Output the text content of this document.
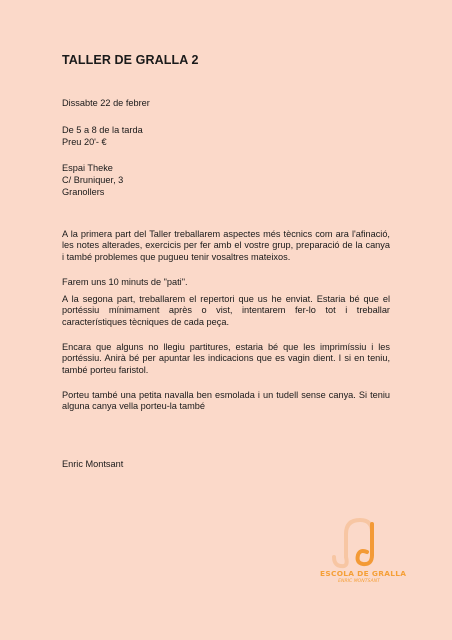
TALLER DE GRALLA 2
Dissabte 22 de febrer
De 5 a 8 de la tarda
Preu 20'- €
Espai Theke
C/ Bruniquer, 3
Granollers
A la primera part del Taller treballarem aspectes més tècnics com ara l'afinació, les notes alterades, exercicis per fer amb el vostre grup, preparació de la canya i també problemes que pugueu tenir vosaltres mateixos.
Farem uns 10 minuts de "pati".
A la segona part, treballarem el repertori que us he enviat. Estaria bé que el portéssiu mínimament après o vist, intentarem fer-lo tot i treballar característiques tècniques de cada peça.
Encara que alguns no llegiu partitures, estaria bé que les imprimíssiu i les portéssiu. Anirà bé per apuntar les indicacions que es vagin dient. I si en teniu, també porteu faristol.
Porteu també una petita navalla ben esmolada i un tudell sense canya. Si teniu alguna canya vella porteu-la també
Enric Montsant
ESCOLA DE GRALLA
ENRIC MONTSANT
